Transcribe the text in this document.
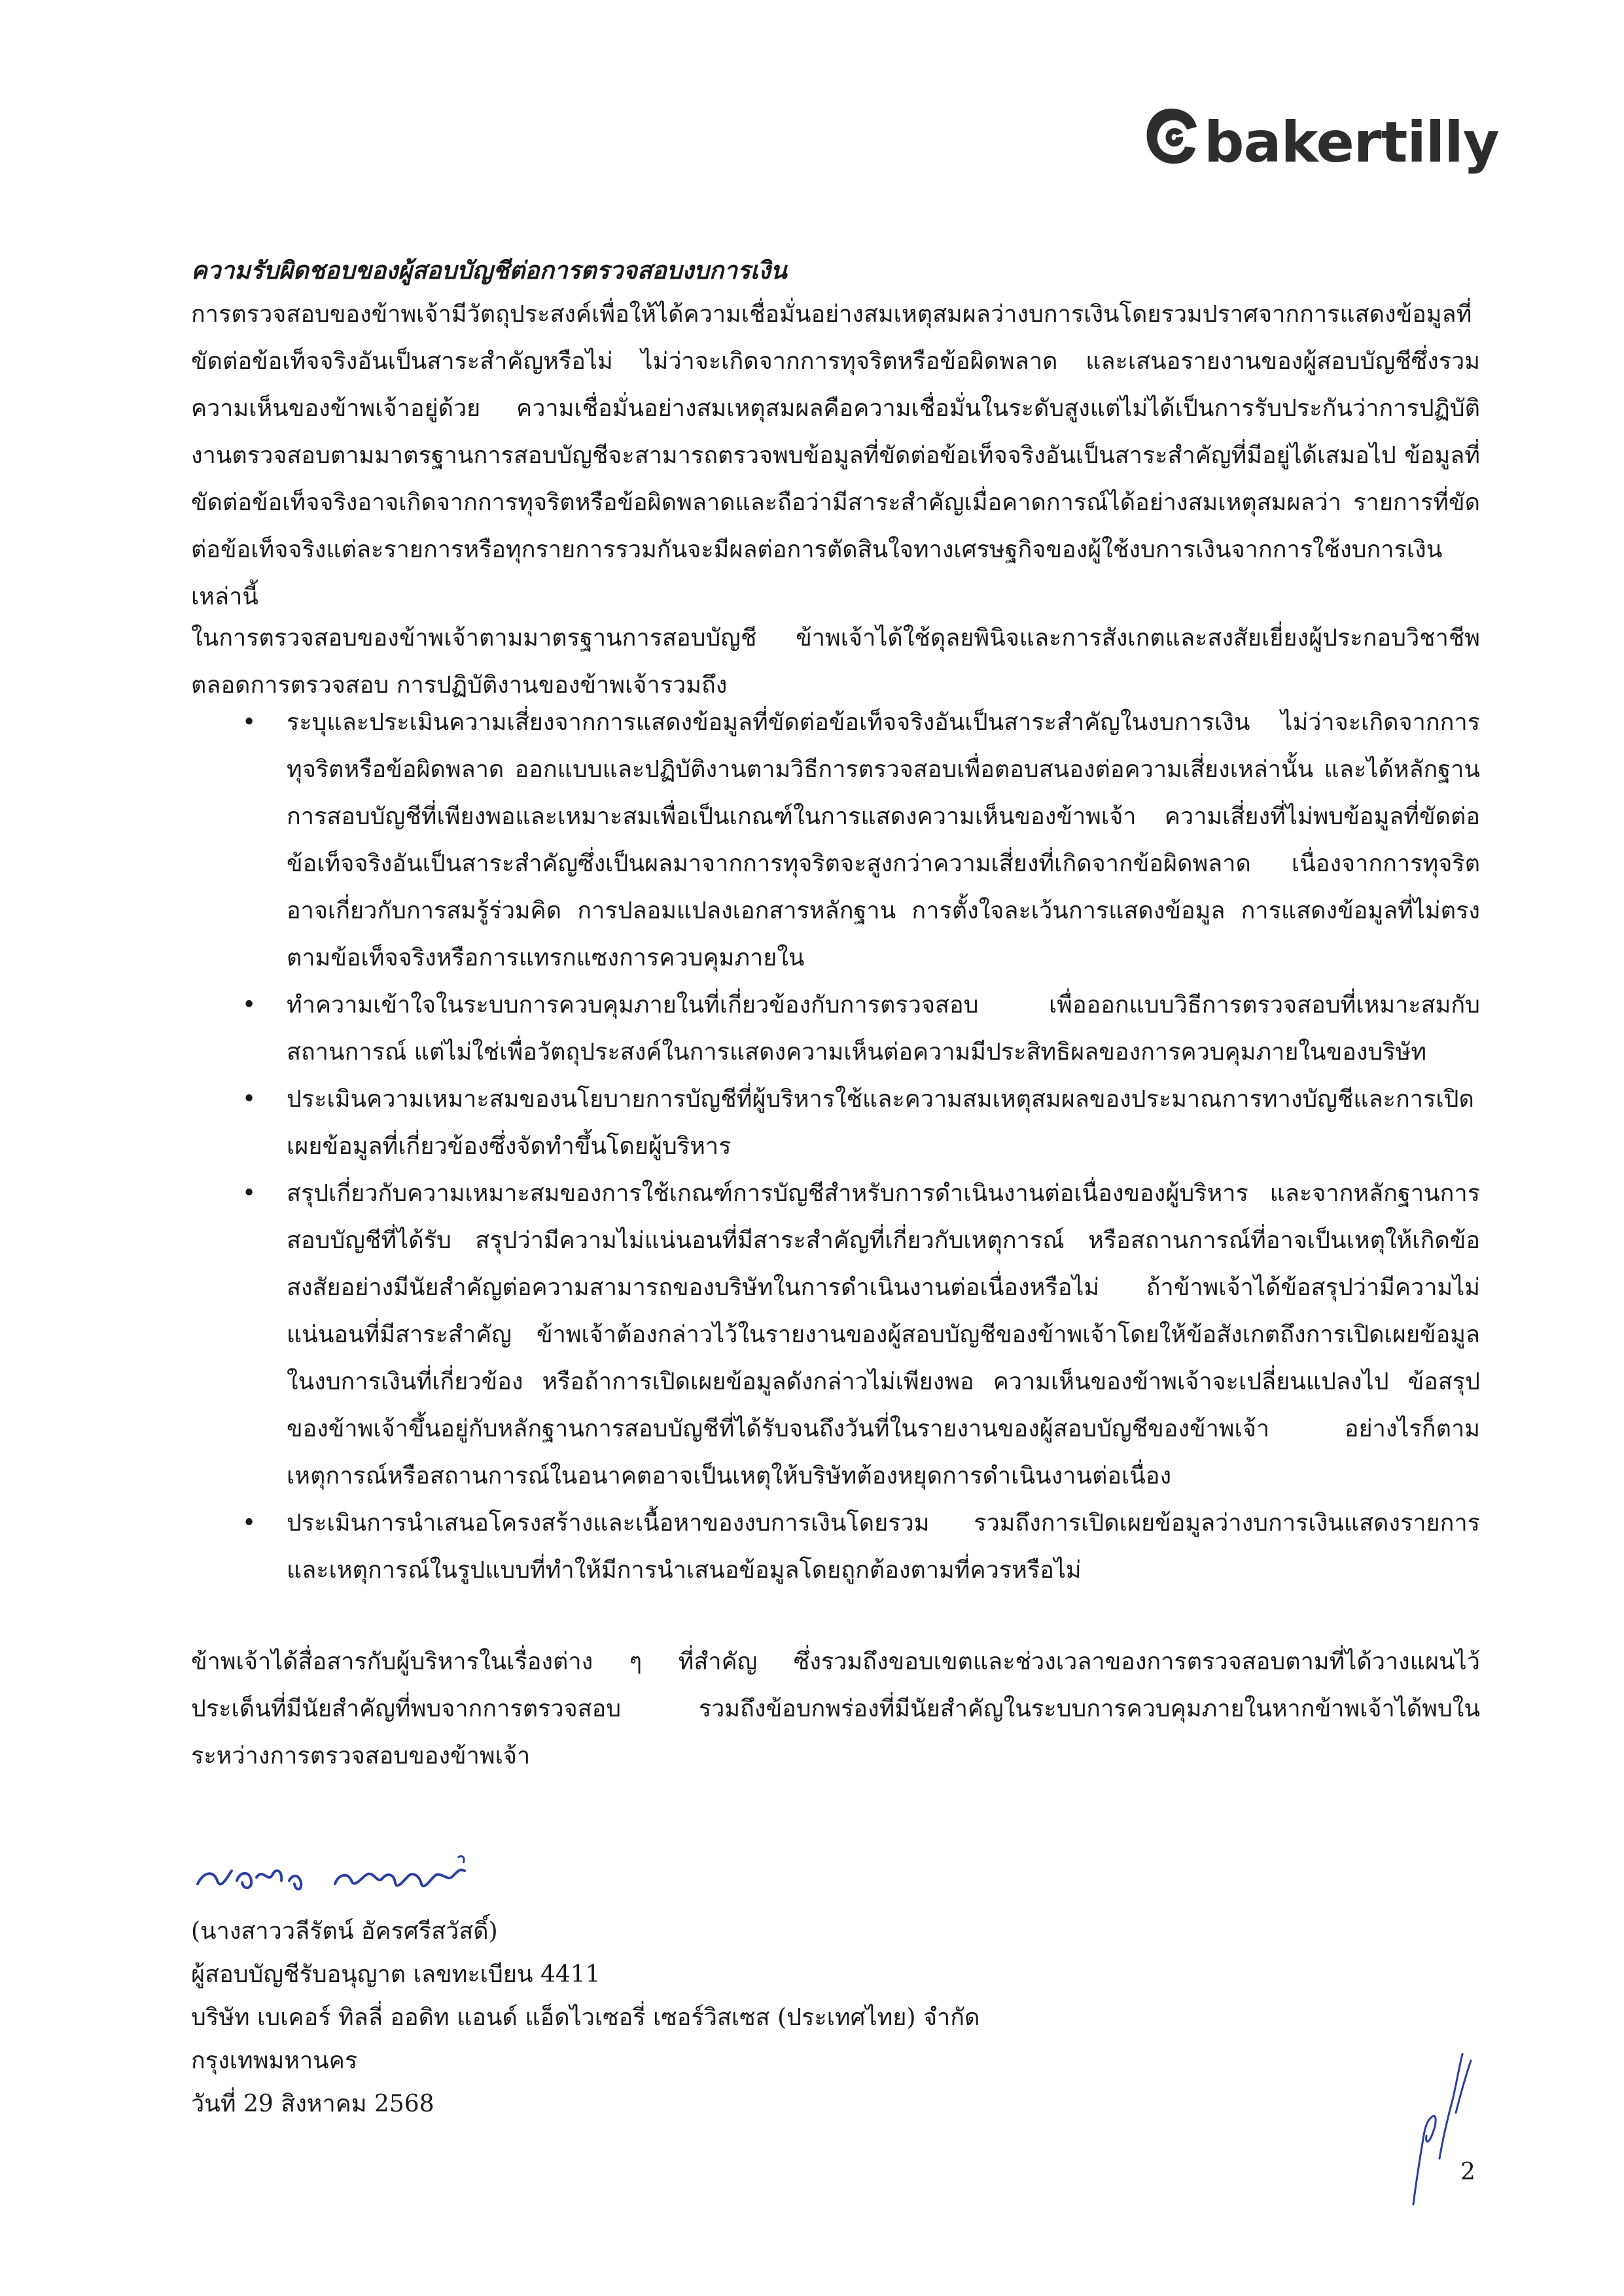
bakertilly
ความรับผิดชอบของผู้สอบบัญชีต่อการตรวจสอบงบการเงิน

การตรวจสอบของข้าพเจ้ามีวัตถุประสงค์เพื่อให้ได้ความเชื่อมั่นอย่างสมเหตุสมผลว่างบการเงินโดยรวมปราศจากการแสดงข้อมูลที่ขัดต่อข้อเท็จจริงอันเป็นสาระสำคัญหรือไม่ ไม่ว่าจะเกิดจากการทุจริตหรือข้อผิดพลาด และเสนอรายงานของผู้สอบบัญชีซึ่งรวมความเห็นของข้าพเจ้าอยู่ด้วย ความเชื่อมั่นอย่างสมเหตุสมผลคือความเชื่อมั่นในระดับสูงแต่ไม่ได้เป็นการรับประกันว่าการปฏิบัติงานตรวจสอบตามมาตรฐานการสอบบัญชีจะสามารถตรวจพบข้อมูลที่ขัดต่อข้อเท็จจริงอันเป็นสาระสำคัญที่มีอยู่ได้เสมอไป ข้อมูลที่ขัดต่อข้อเท็จจริงอาจเกิดจากการทุจริตหรือข้อผิดพลาดและถือว่ามีสาระสำคัญเมื่อคาดการณ์ได้อย่างสมเหตุสมผลว่า รายการที่ขัดต่อข้อเท็จจริงแต่ละรายการหรือทุกรายการรวมกันจะมีผลต่อการตัดสินใจทางเศรษฐกิจของผู้ใช้งบการเงินจากการใช้งบการเงินเหล่านี้

ในการตรวจสอบของข้าพเจ้าตามมาตรฐานการสอบบัญชี ข้าพเจ้าได้ใช้ดุลยพินิจและการสังเกตและสงสัยเยี่ยงผู้ประกอบวิชาชีพตลอดการตรวจสอบ การปฏิบัติงานของข้าพเจ้ารวมถึง

• ระบุและประเมินความเสี่ยงจากการแสดงข้อมูลที่ขัดต่อข้อเท็จจริงอันเป็นสาระสำคัญในงบการเงิน ไม่ว่าจะเกิดจากการทุจริตหรือข้อผิดพลาด ออกแบบและปฏิบัติงานตามวิธีการตรวจสอบเพื่อตอบสนองต่อความเสี่ยงเหล่านั้น และได้หลักฐานการสอบบัญชีที่เพียงพอและเหมาะสมเพื่อเป็นเกณฑ์ในการแสดงความเห็นของข้าพเจ้า ความเสี่ยงที่ไม่พบข้อมูลที่ขัดต่อข้อเท็จจริงอันเป็นสาระสำคัญซึ่งเป็นผลมาจากการทุจริตจะสูงกว่าความเสี่ยงที่เกิดจากข้อผิดพลาด เนื่องจากการทุจริตอาจเกี่ยวกับการสมรู้ร่วมคิด การปลอมแปลงเอกสารหลักฐาน การตั้งใจละเว้นการแสดงข้อมูล การแสดงข้อมูลที่ไม่ตรงตามข้อเท็จจริงหรือการแทรกแซงการควบคุมภายใน
• ทำความเข้าใจในระบบการควบคุมภายในที่เกี่ยวข้องกับการตรวจสอบ เพื่อออกแบบวิธีการตรวจสอบที่เหมาะสมกับสถานการณ์ แต่ไม่ใช่เพื่อวัตถุประสงค์ในการแสดงความเห็นต่อความมีประสิทธิผลของการควบคุมภายในของบริษัท
• ประเมินความเหมาะสมของนโยบายการบัญชีที่ผู้บริหารใช้และความสมเหตุสมผลของประมาณการทางบัญชีและการเปิดเผยข้อมูลที่เกี่ยวข้องซึ่งจัดทำขึ้นโดยผู้บริหาร
• สรุปเกี่ยวกับความเหมาะสมของการใช้เกณฑ์การบัญชีสำหรับการดำเนินงานต่อเนื่องของผู้บริหาร และจากหลักฐานการสอบบัญชีที่ได้รับ สรุปว่ามีความไม่แน่นอนที่มีสาระสำคัญที่เกี่ยวกับเหตุการณ์ หรือสถานการณ์ที่อาจเป็นเหตุให้เกิดข้อสงสัยอย่างมีนัยสำคัญต่อความสามารถของบริษัทในการดำเนินงานต่อเนื่องหรือไม่ ถ้าข้าพเจ้าได้ข้อสรุปว่ามีความไม่แน่นอนที่มีสาระสำคัญ ข้าพเจ้าต้องกล่าวไว้ในรายงานของผู้สอบบัญชีของข้าพเจ้าโดยให้ข้อสังเกตถึงการเปิดเผยข้อมูลในงบการเงินที่เกี่ยวข้อง หรือถ้าการเปิดเผยข้อมูลดังกล่าวไม่เพียงพอ ความเห็นของข้าพเจ้าจะเปลี่ยนแปลงไป ข้อสรุปของข้าพเจ้าขึ้นอยู่กับหลักฐานการสอบบัญชีที่ได้รับจนถึงวันที่ในรายงานของผู้สอบบัญชีของข้าพเจ้า อย่างไรก็ตาม เหตุการณ์หรือสถานการณ์ในอนาคตอาจเป็นเหตุให้บริษัทต้องหยุดการดำเนินงานต่อเนื่อง
• ประเมินการนำเสนอโครงสร้างและเนื้อหาของงบการเงินโดยรวม รวมถึงการเปิดเผยข้อมูลว่างบการเงินแสดงรายการและเหตุการณ์ในรูปแบบที่ทำให้มีการนำเสนอข้อมูลโดยถูกต้องตามที่ควรหรือไม่

ข้าพเจ้าได้สื่อสารกับผู้บริหารในเรื่องต่าง ๆ ที่สำคัญ ซึ่งรวมถึงขอบเขตและช่วงเวลาของการตรวจสอบตามที่ได้วางแผนไว้ ประเด็นที่มีนัยสำคัญที่พบจากการตรวจสอบ รวมถึงข้อบกพร่องที่มีนัยสำคัญในระบบการควบคุมภายในหากข้าพเจ้าได้พบในระหว่างการตรวจสอบของข้าพเจ้า

(นางสาววลีรัตน์ อัครศรีสวัสดิ์)
ผู้สอบบัญชีรับอนุญาต เลขทะเบียน 4411
บริษัท เบเคอร์ ทิลลี่ ออดิท แอนด์ แอ็ดไวเซอรี่ เซอร์วิสเซส (ประเทศไทย) จำกัด
กรุงเทพมหานคร
วันที่ 29 สิงหาคม 2568
2
